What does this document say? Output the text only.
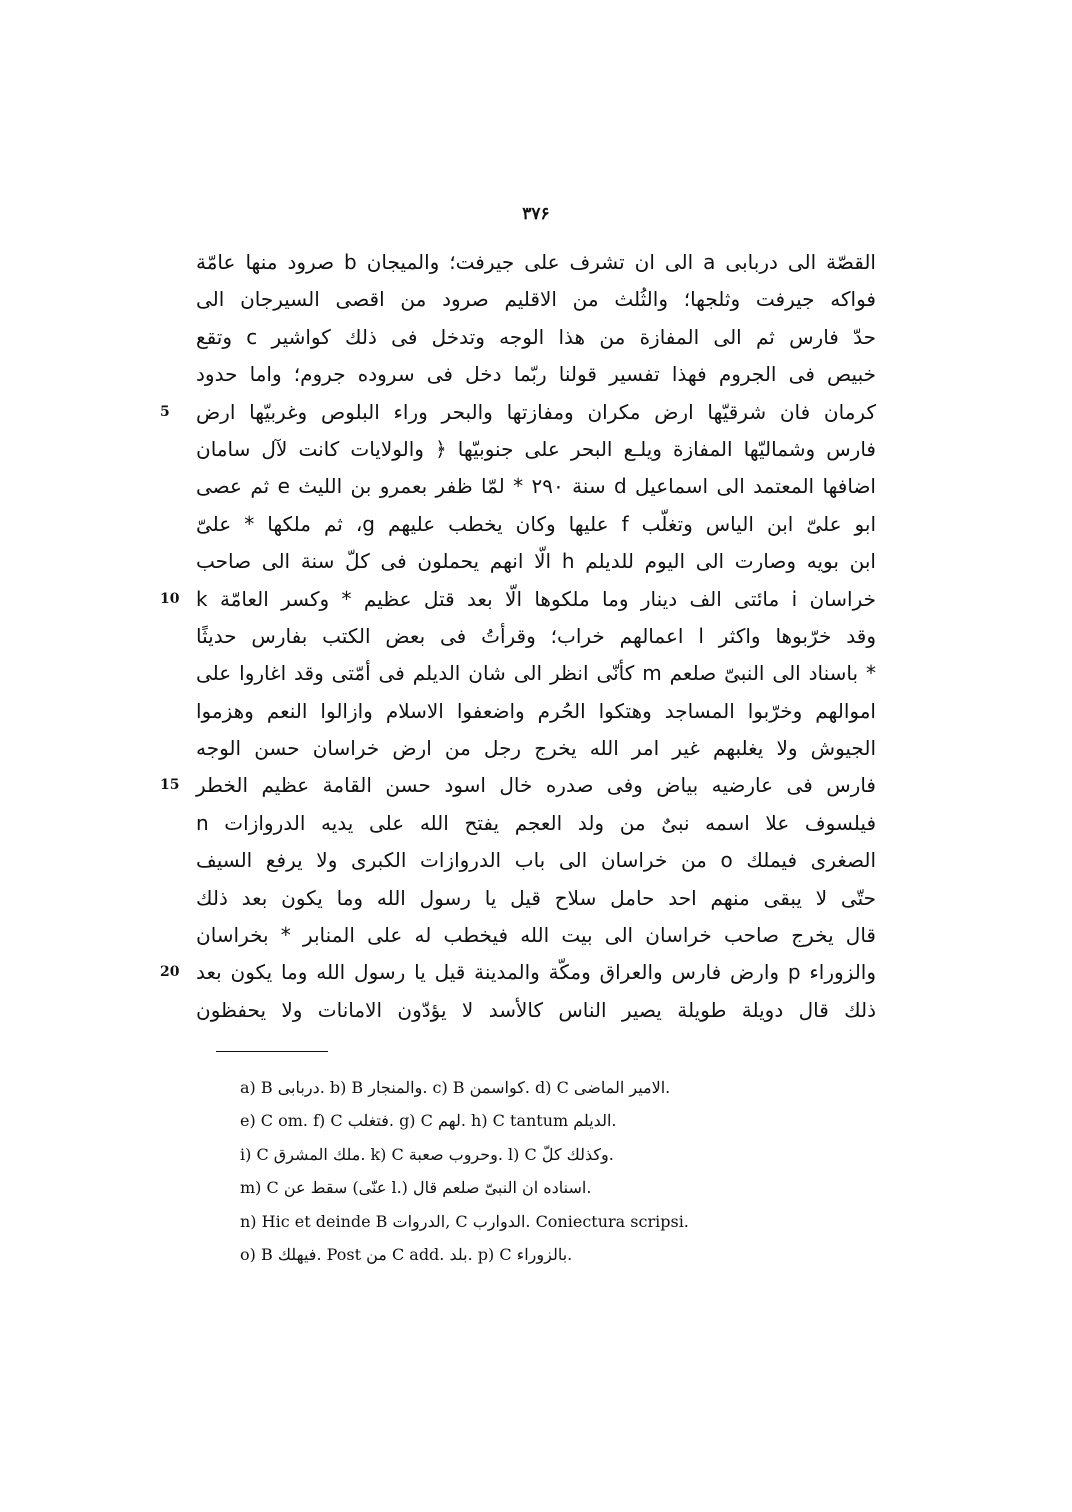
۳۷۶
القصّة الى دربابى a الى ان تشرف على جيرفت؛ والميجان b صرود منها عامّة
فواكه جيرفت وثلجها؛ والثُلث من الاقليم صرود من اقصى السيرجان الى
حدّ فارس ثم الى المفازة من هذا الوجه وتدخل فى ذلك كواشير c وتقع
خبيص فى الجروم فهذا تفسير قولنا ربّما دخل فى سروده جروم؛ واما حدود
5 كرمان فان شرقيّها ارض مكران ومفازتها والبحر وراء البلوص وغربيّها ارض
فارس وشماليّها المفازة ويلـع البحر على جنوبيّها ﴿ والولايات كانت لآل سامان
اضافها المعتمد الى اسماعيل d سنة ۲۹۰ * لمّا ظفر بعمرو بن الليث e ثم عصى
ابو علىّ ابن الياس وتغلّب f عليها وكان يخطب عليهم g، ثم ملكها * علىّ
ابن بويه وصارت الى اليوم للديلم h الّا انهم يحملون فى كلّ سنة الى صاحب
10 خراسان i مائتى الف دينار وما ملكوها الّا بعد قتل عظيم * وكسر العامّة k
وقد خرّبوها واكثر l اعمالهم خراب؛ وقرأتُ فى بعض الكتب بفارس حديثًا
* باسناد الى النبىّ صلعم m كأنّى انظر الى شان الديلم فى أمّتى وقد اغاروا على
اموالهم وخرّبوا المساجد وهتكوا الحُرم واضعفوا الاسلام وازالوا النعم وهزموا
الجيوش ولا يغلبهم غير امر الله يخرج رجل من ارض خراسان حسن الوجه
15 فارس فى عارضيه بياض وفى صدره خال اسود حسن القامة عظيم الخطر
فيلسوف علا اسمه نبىٌ من ولد العجم يفتح الله على يديه الدروازات n
الصغرى فيملك o من خراسان الى باب الدروازات الكبرى ولا يرفع السيف
حتّى لا يبقى منهم احد حامل سلاح قيل يا رسول الله وما يكون بعد ذلك
قال يخرج صاحب خراسان الى بيت الله فيخطب له على المنابر * بخراسان
20 والزوراء p وارض فارس والعراق ومكّة والمدينة قيل يا رسول الله وما يكون بعد
ذلك قال دويلة طويلة يصير الناس كالأسد لا يؤدّون الامانات ولا يحفظون
a) B دربابى. b) B والمنجار. c) B كواسمن. d) C الامير الماضى.
e) C om. f) C فتغلب. g) C لهم. h) C tantum الديلم.
i) C ملك المشرق. k) C وحروب صعبة. l) C وكذلك كلّ.
m) C سقط عن (عنّى l.) اسناده ان النبىّ صلعم قال.
n) Hic et deinde B الدروات, C الدوارب. Coniectura scripsi.
o) B فيهلك. Post من C add. بلد. p) C بالزوراء.
